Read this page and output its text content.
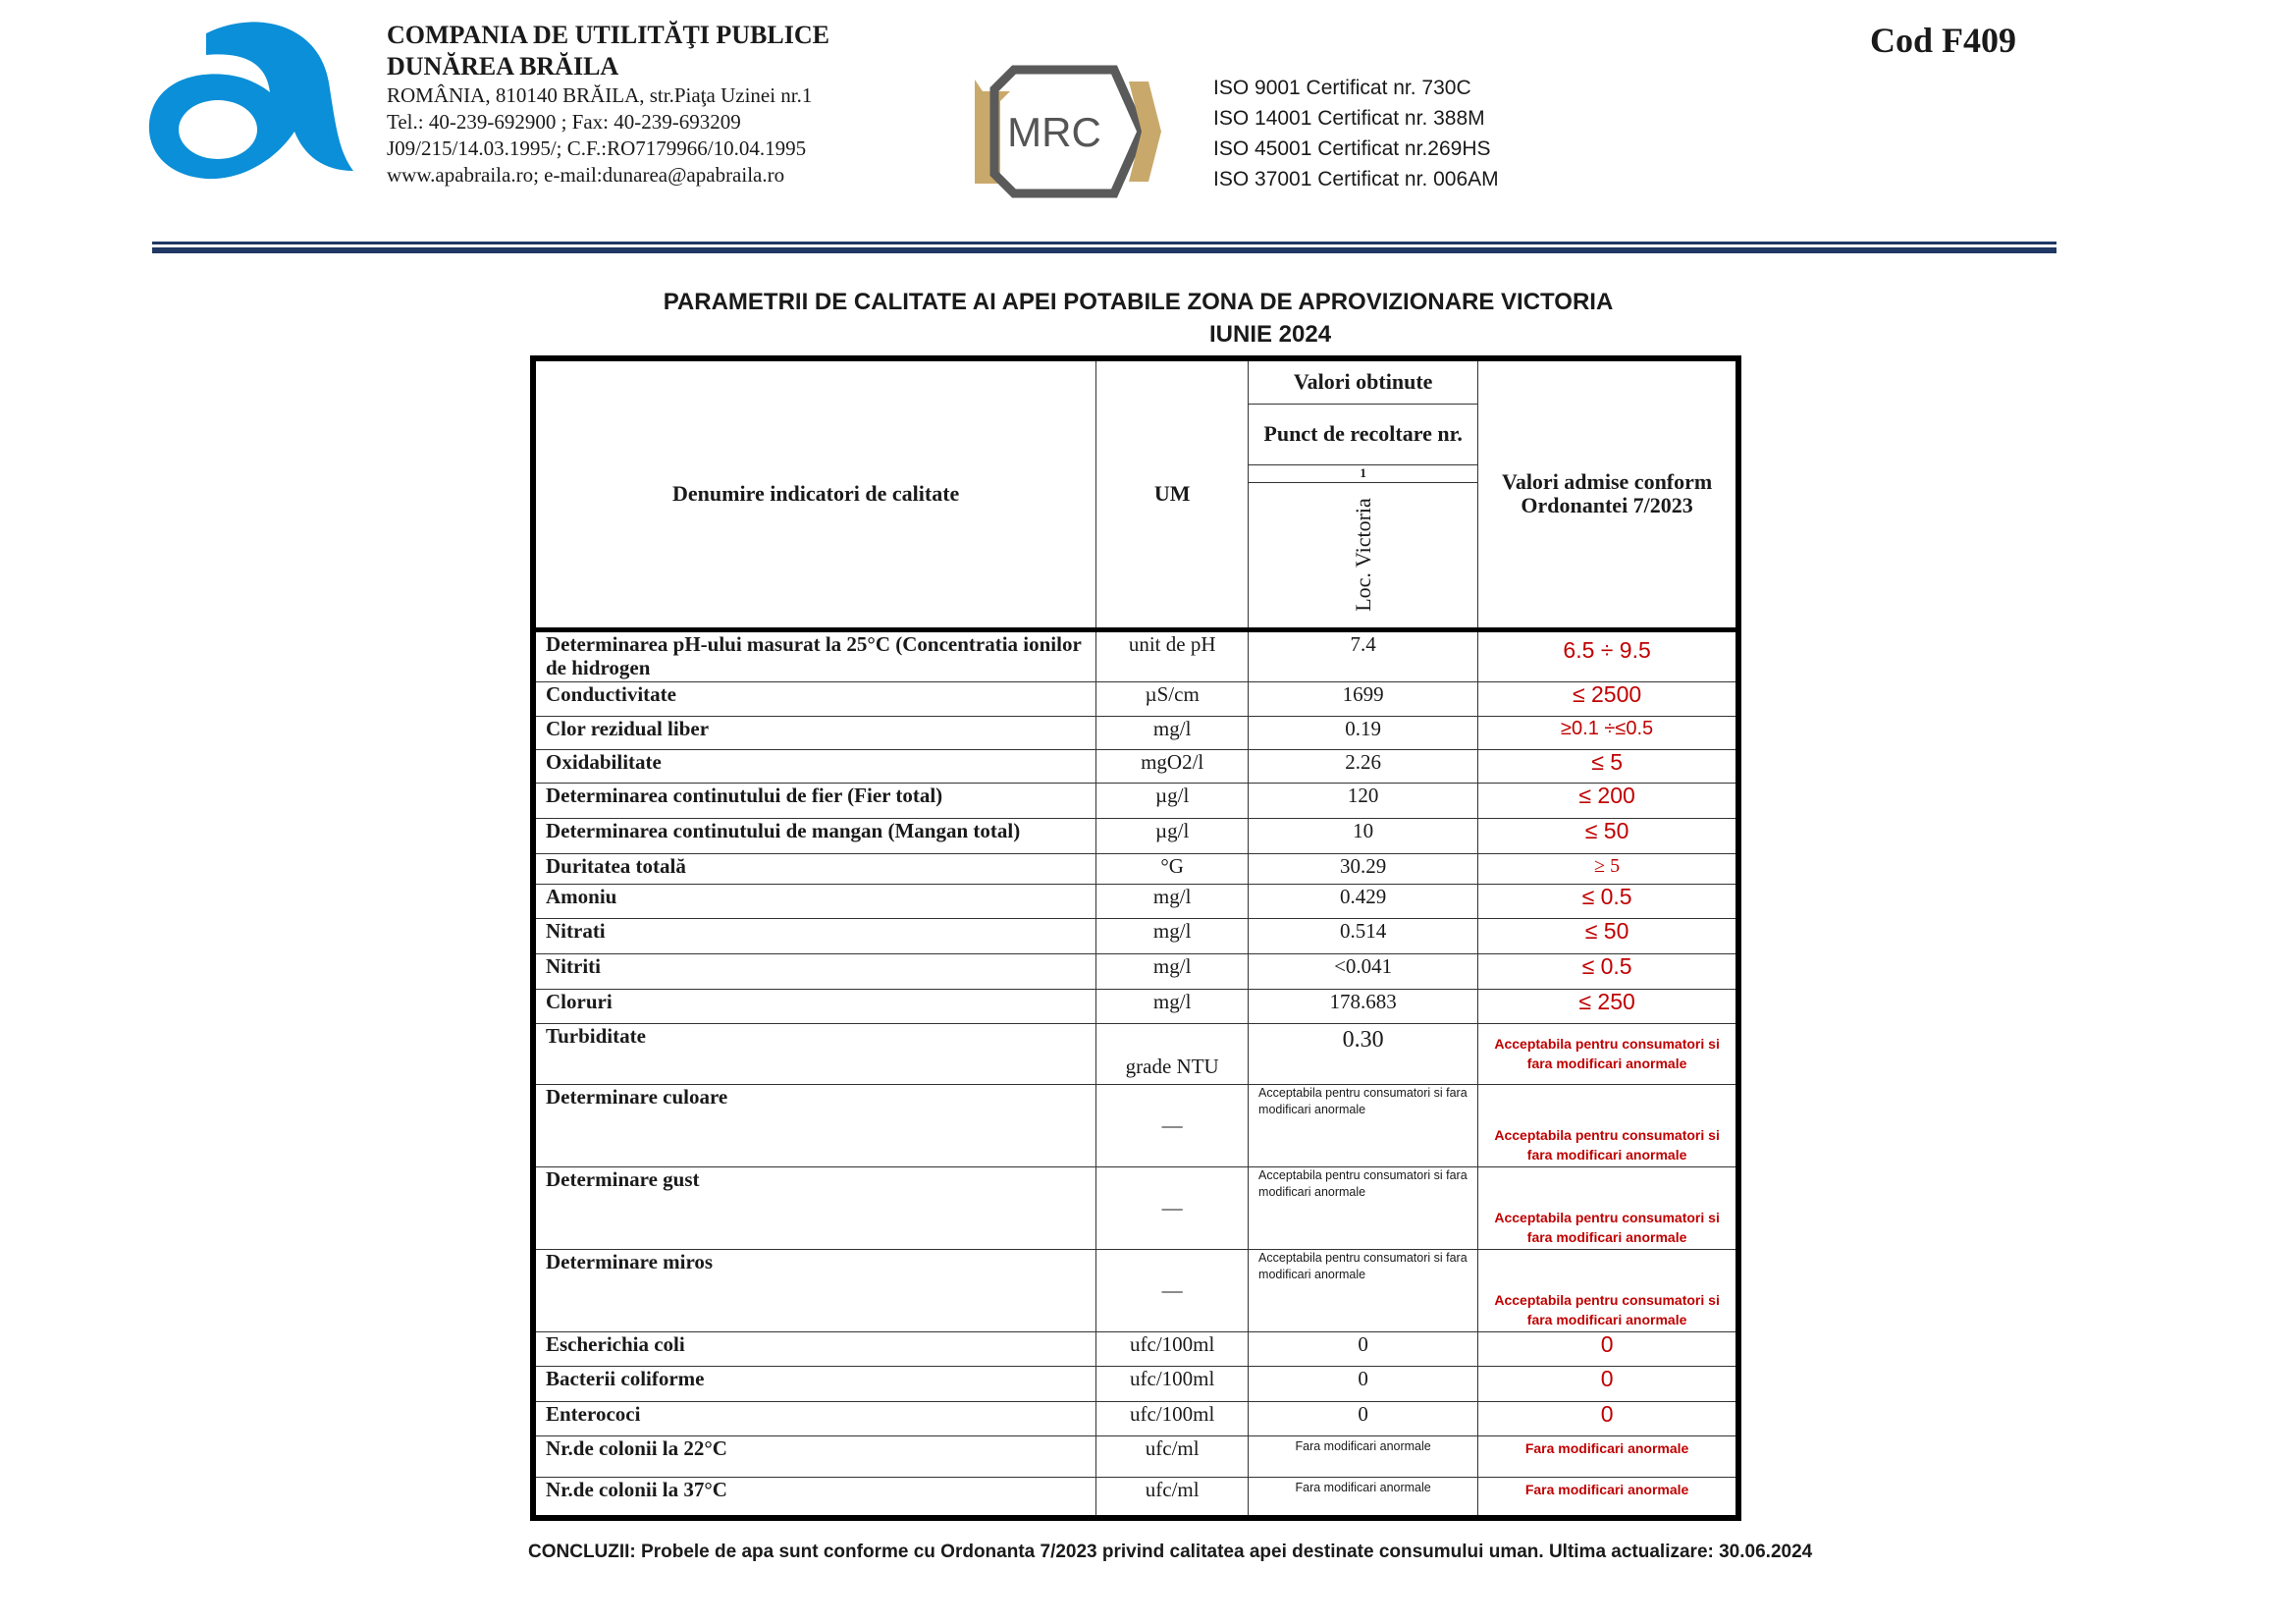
COMPANIA DE UTILITĂŢI PUBLICE
DUNĂREA BRĂILA
ROMÂNIA, 810140 BRĂILA, str.Piaţa Uzinei nr.1
Tel.: 40-239-692900 ; Fax: 40-239-693209
J09/215/14.03.1995/; C.F.:RO7179966/10.04.1995
www.apabraila.ro; e-mail:dunarea@apabraila.ro
MRC
ISO 9001 Certificat nr. 730C
ISO 14001 Certificat nr. 388M
ISO 45001 Certificat nr.269HS
ISO 37001 Certificat nr. 006AM
Cod F409
PARAMETRII DE CALITATE AI APEI POTABILE ZONA DE APROVIZIONARE VICTORIA
IUNIE 2024
Denumire indicatori de calitate	UM	Valori obtinute	Valori admise conform Ordonantei 7/2023
		Punct de recoltare nr.	
		1	
		Loc. Victoria	
Determinarea pH-ului masurat la 25°C (Concentratia ionilor de hidrogen	unit de pH	7.4	6.5 ÷ 9.5
Conductivitate	µS/cm	1699	≤ 2500
Clor rezidual liber	mg/l	0.19	≥0.1 ÷≤0.5
Oxidabilitate	mgO2/l	2.26	≤ 5
Determinarea continutului de fier (Fier total)	µg/l	120	≤ 200
Determinarea continutului de mangan (Mangan total)	µg/l	10	≤ 50
Duritatea totală	°G	30.29	≥ 5
Amoniu	mg/l	0.429	≤ 0.5
Nitrati	mg/l	0.514	≤ 50
Nitriti	mg/l	<0.041	≤ 0.5
Cloruri	mg/l	178.683	≤ 250
Turbiditate	grade NTU	0.30	Acceptabila pentru consumatori si fara modificari anormale
Determinare culoare	—	Acceptabila pentru consumatori si fara modificari anormale	Acceptabila pentru consumatori si fara modificari anormale
Determinare gust	—	Acceptabila pentru consumatori si fara modificari anormale	Acceptabila pentru consumatori si fara modificari anormale
Determinare miros	—	Acceptabila pentru consumatori si fara modificari anormale	Acceptabila pentru consumatori si fara modificari anormale
Escherichia coli	ufc/100ml	0	0
Bacterii coliforme	ufc/100ml	0	0
Enterococi	ufc/100ml	0	0
Nr.de colonii la 22°C	ufc/ml	Fara modificari anormale	Fara modificari anormale
Nr.de colonii la 37°C	ufc/ml	Fara modificari anormale	Fara modificari anormale
CONCLUZII: Probele de apa sunt conforme cu Ordonanta 7/2023 privind calitatea apei destinate consumului uman. Ultima actualizare: 30.06.2024
